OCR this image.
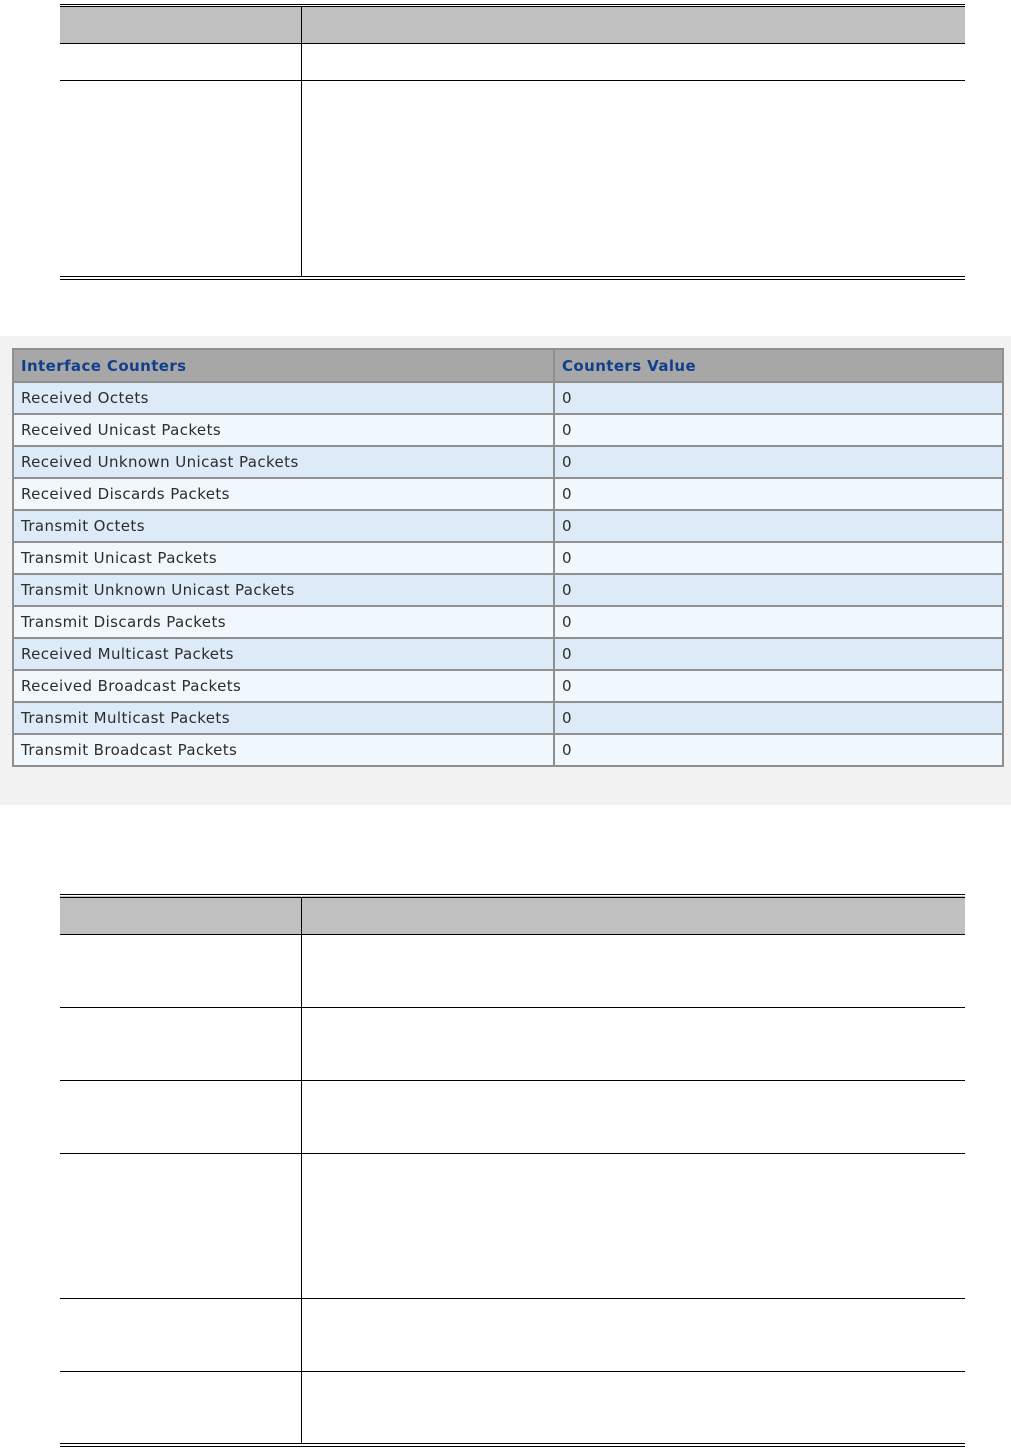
Interface Counters	Counters Value
Received Octets	0
Received Unicast Packets	0
Received Unknown Unicast Packets	0
Received Discards Packets	0
Transmit Octets	0
Transmit Unicast Packets	0
Transmit Unknown Unicast Packets	0
Transmit Discards Packets	0
Received Multicast Packets	0
Received Broadcast Packets	0
Transmit Multicast Packets	0
Transmit Broadcast Packets	0
